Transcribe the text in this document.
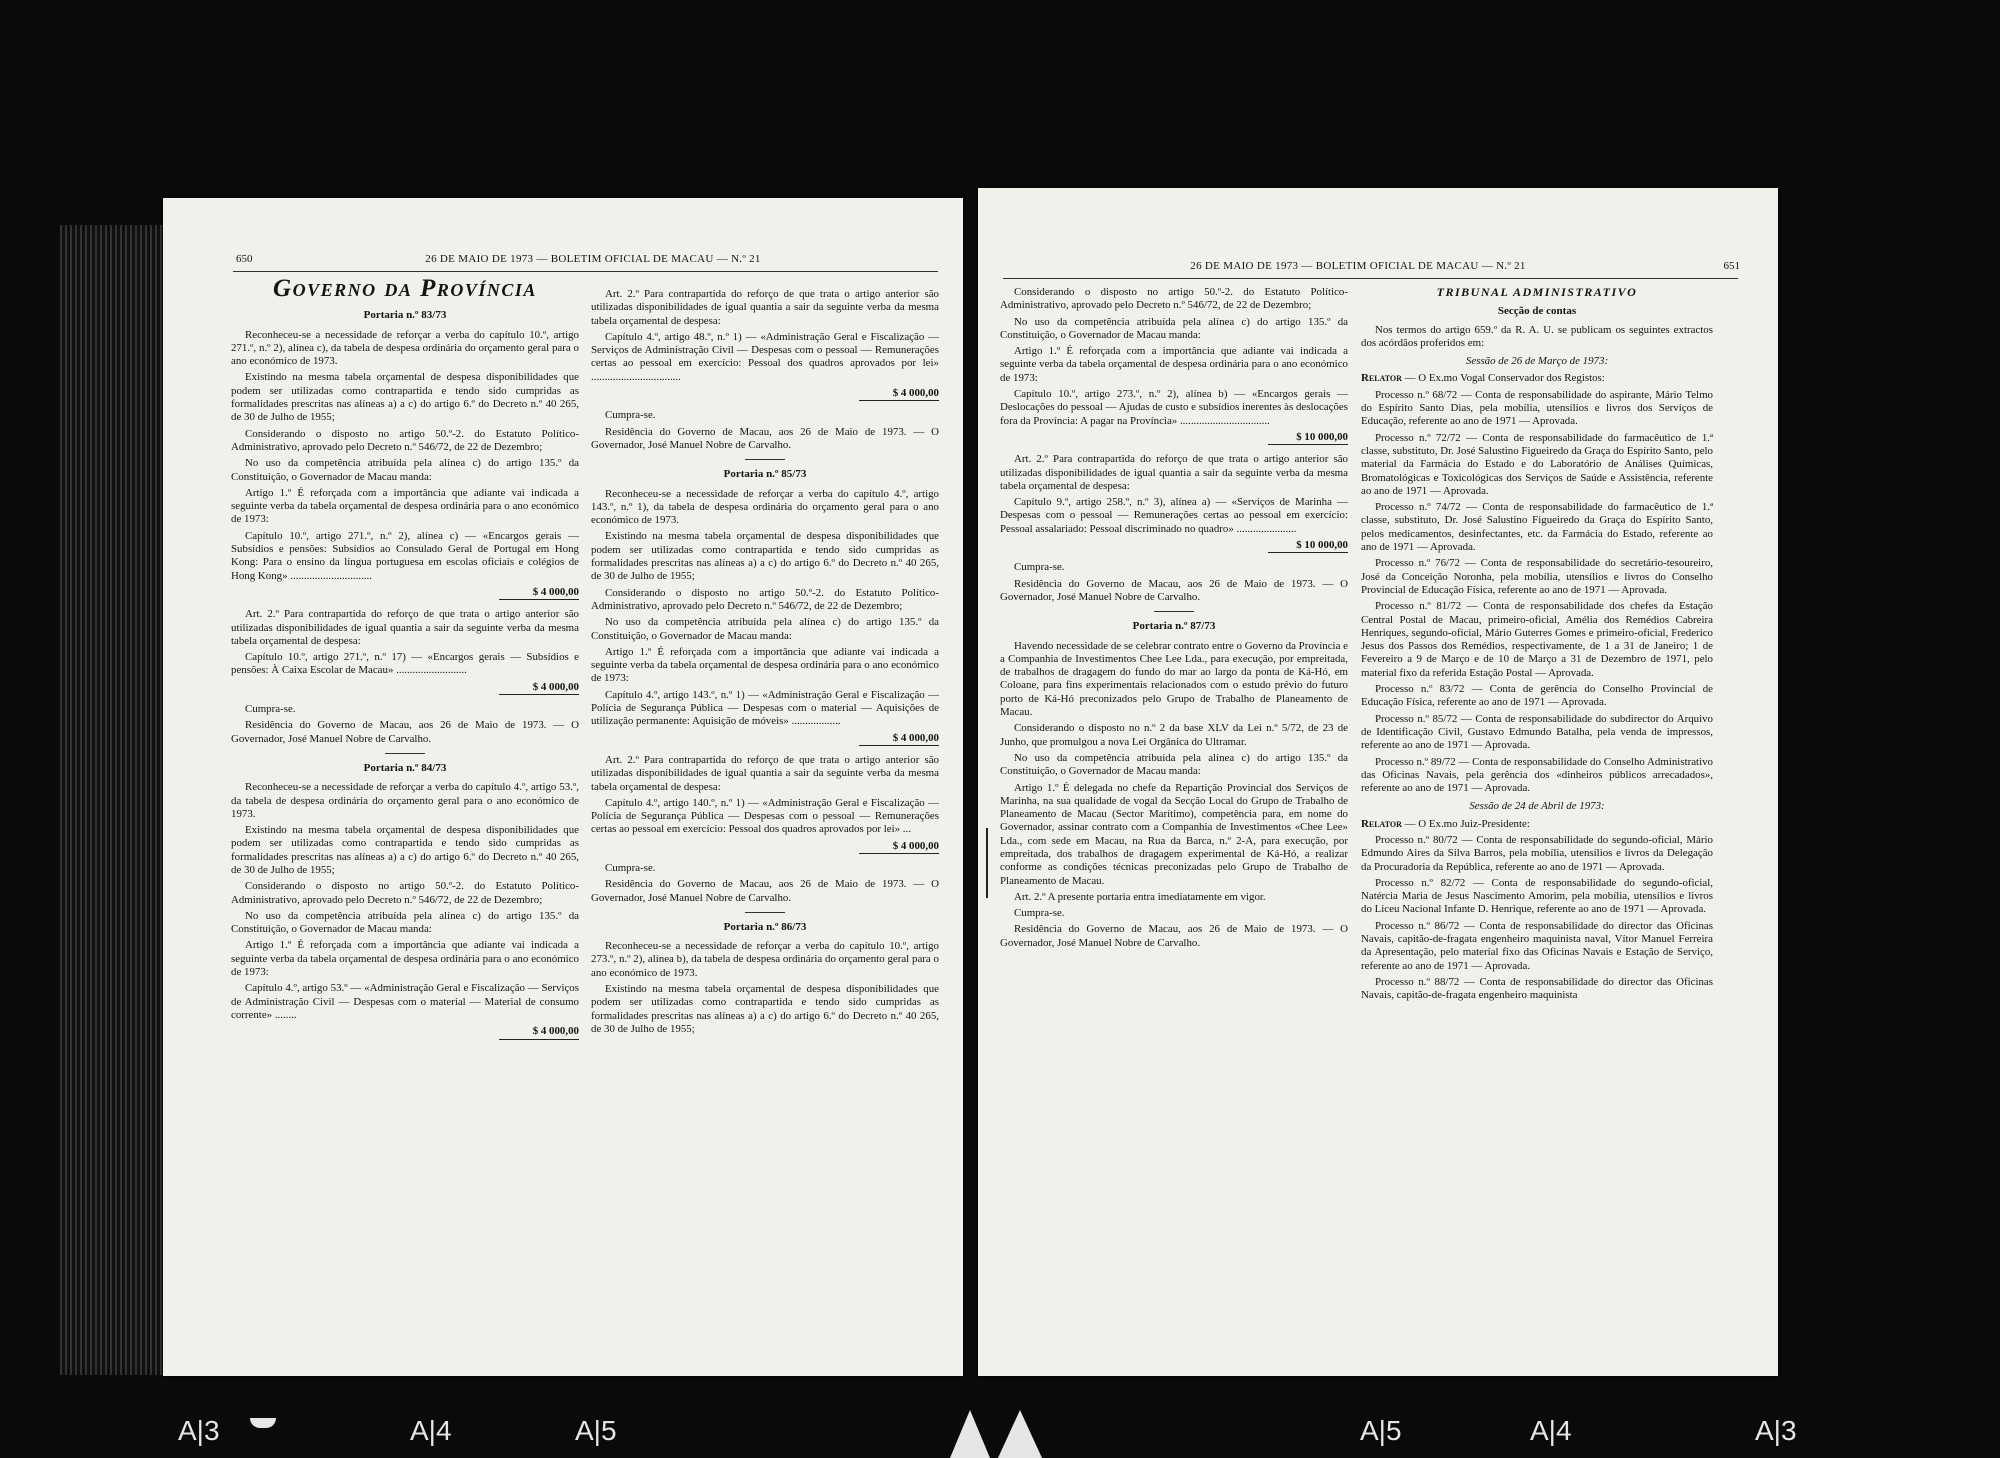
650	26 DE MAIO DE 1973 — BOLETIM OFICIAL DE MACAU — N.º 21
Governo da Província
Portaria n.º 83/73

Reconheceu-se a necessidade de reforçar a verba do capítulo 10.º, artigo 271.º, n.º 2), alínea c), da tabela de despesa ordinária do orçamento geral para o ano económico de 1973.

Existindo na mesma tabela orçamental de despesa disponibilidades que podem ser utilizadas como contrapartida e tendo sido cumpridas as formalidades prescritas nas alíneas a) a c) do artigo 6.º do Decreto n.º 40 265, de 30 de Julho de 1955;

Considerando o disposto no artigo 50.º-2. do Estatuto Político-Administrativo, aprovado pelo Decreto n.º 546/72, de 22 de Dezembro;

No uso da competência atribuída pela alínea c) do artigo 135.º da Constituição, o Governador de Macau manda:

Artigo 1.º É reforçada com a importância que adiante vai indicada a seguinte verba da tabela orçamental de despesa ordinária para o ano económico de 1973:

Capítulo 10.º, artigo 271.º, n.º 2), alínea c) — «Encargos gerais — Subsídios e pensões: Subsídios ao Consulado Geral de Portugal em Hong Kong: Para o ensino da língua portuguesa em escolas oficiais e colégios de Hong Kong» ..............................

$ 4 000,00

Art. 2.º Para contrapartida do reforço de que trata o artigo anterior são utilizadas disponibilidades de igual quantia a sair da seguinte verba da mesma tabela orçamental de despesa:

Capítulo 10.º, artigo 271.º, n.º 17) — «Encargos gerais — Subsídios e pensões: À Caixa Escolar de Macau» ..........................

$ 4 000,00

Cumpra-se.

Residência do Governo de Macau, aos 26 de Maio de 1973. — O Governador, José Manuel Nobre de Carvalho.

Portaria n.º 84/73

Reconheceu-se a necessidade de reforçar a verba do capítulo 4.º, artigo 53.º, da tabela de despesa ordinária do orçamento geral para o ano económico de 1973.

Existindo na mesma tabela orçamental de despesa disponibilidades que podem ser utilizadas como contrapartida e tendo sido cumpridas as formalidades prescritas nas alíneas a) a c) do artigo 6.º do Decreto n.º 40 265, de 30 de Julho de 1955;

Considerando o disposto no artigo 50.º-2. do Estatuto Político-Administrativo, aprovado pelo Decreto n.º 546/72, de 22 de Dezembro;

No uso da competência atribuída pela alínea c) do artigo 135.º da Constituição, o Governador de Macau manda:

Artigo 1.º É reforçada com a importância que adiante vai indicada a seguinte verba da tabela orçamental de despesa ordinária para o ano económico de 1973:

Capítulo 4.º, artigo 53.º — «Administração Geral e Fiscalização — Serviços de Administração Civil — Despesas com o material — Material de consumo corrente» ........

$ 4 000,00

Art. 2.º Para contrapartida do reforço de que trata o artigo anterior são utilizadas disponibilidades de igual quantia a sair da seguinte verba da mesma tabela orçamental de despesa:

Capítulo 4.º, artigo 48.º, n.º 1) — «Administração Geral e Fiscalização — Serviços de Administração Civil — Despesas com o pessoal — Remunerações certas ao pessoal em exercício: Pessoal dos quadros aprovados por lei» .................................

$ 4 000,00

Cumpra-se.

Residência do Governo de Macau, aos 26 de Maio de 1973. — O Governador, José Manuel Nobre de Carvalho.

Portaria n.º 85/73

Reconheceu-se a necessidade de reforçar a verba do capítulo 4.º, artigo 143.º, n.º 1), da tabela de despesa ordinária do orçamento geral para o ano económico de 1973.

Existindo na mesma tabela orçamental de despesa disponibilidades que podem ser utilizadas como contrapartida e tendo sido cumpridas as formalidades prescritas nas alíneas a) a c) do artigo 6.º do Decreto n.º 40 265, de 30 de Julho de 1955;

Considerando o disposto no artigo 50.º-2. do Estatuto Político-Administrativo, aprovado pelo Decreto n.º 546/72, de 22 de Dezembro;

No uso da competência atribuída pela alínea c) do artigo 135.º da Constituição, o Governador de Macau manda:

Artigo 1.º É reforçada com a importância que adiante vai indicada a seguinte verba da tabela orçamental de despesa ordinária para o ano económico de 1973:

Capítulo 4.º, artigo 143.º, n.º 1) — «Administração Geral e Fiscalização — Polícia de Segurança Pública — Despesas com o material — Aquisições de utilização permanente: Aquisição de móveis» ..................

$ 4 000,00

Art. 2.º Para contrapartida do reforço de que trata o artigo anterior são utilizadas disponibilidades de igual quantia a sair da seguinte verba da mesma tabela orçamental de despesa:

Capítulo 4.º, artigo 140.º, n.º 1) — «Administração Geral e Fiscalização — Polícia de Segurança Pública — Despesas com o pessoal — Remunerações certas ao pessoal em exercício: Pessoal dos quadros aprovados por lei» ...

$ 4 000,00

Cumpra-se.

Residência do Governo de Macau, aos 26 de Maio de 1973. — O Governador, José Manuel Nobre de Carvalho.

Portaria n.º 86/73

Reconheceu-se a necessidade de reforçar a verba do capítulo 10.º, artigo 273.º, n.º 2), alínea b), da tabela de despesa ordinária do orçamento geral para o ano económico de 1973.

Existindo na mesma tabela orçamental de despesa disponibilidades que podem ser utilizadas como contrapartida e tendo sido cumpridas as formalidades prescritas nas alíneas a) a c) do artigo 6.º do Decreto n.º 40 265, de 30 de Julho de 1955;

26 DE MAIO DE 1973 — BOLETIM OFICIAL DE MACAU — N.º 21	651

Considerando o disposto no artigo 50.º-2. do Estatuto Político-Administrativo, aprovado pelo Decreto n.º 546/72, de 22 de Dezembro;

No uso da competência atribuída pela alínea c) do artigo 135.º da Constituição, o Governador de Macau manda:

Artigo 1.º É reforçada com a importância que adiante vai indicada a seguinte verba da tabela orçamental de despesa ordinária para o ano económico de 1973:

Capítulo 10.º, artigo 273.º, n.º 2), alínea b) — «Encargos gerais — Deslocações do pessoal — Ajudas de custo e subsídios inerentes às deslocações fora da Província: A pagar na Província» .................................

$ 10 000,00

Art. 2.º Para contrapartida do reforço de que trata o artigo anterior são utilizadas disponibilidades de igual quantia a sair da seguinte verba da mesma tabela orçamental de despesa:

Capítulo 9.º, artigo 258.º, n.º 3), alínea a) — «Serviços de Marinha — Despesas com o pessoal — Remunerações certas ao pessoal em exercício: Pessoal assalariado: Pessoal discriminado no quadro» ......................

$ 10 000,00

Cumpra-se.

Residência do Governo de Macau, aos 26 de Maio de 1973. — O Governador, José Manuel Nobre de Carvalho.

Portaria n.º 87/73

Havendo necessidade de se celebrar contrato entre o Governo da Província e a Companhia de Investimentos Chee Lee Lda., para execução, por empreitada, de trabalhos de dragagem do fundo do mar ao largo da ponta de Ká-Hó, em Coloane, para fins experimentais relacionados com o estudo prévio do futuro porto de Ká-Hó preconizados pelo Grupo de Trabalho de Planeamento de Macau.

Considerando o disposto no n.º 2 da base XLV da Lei n.º 5/72, de 23 de Junho, que promulgou a nova Lei Orgânica do Ultramar.

No uso da competência atribuída pela alínea c) do artigo 135.º da Constituição, o Governador de Macau manda:

Artigo 1.º É delegada no chefe da Repartição Provincial dos Serviços de Marinha, na sua qualidade de vogal da Secção Local do Grupo de Trabalho de Planeamento de Macau (Sector Marítimo), competência para, em nome do Governador, assinar contrato com a Companhia de Investimentos «Chee Lee» Lda., com sede em Macau, na Rua da Barca, n.º 2-A, para execução, por empreitada, dos trabalhos de dragagem experimental de Ká-Hó, a realizar conforme as condições técnicas preconizadas pelo Grupo de Trabalho de Planeamento de Macau.

Art. 2.º A presente portaria entra imediatamente em vigor.

Cumpra-se.

Residência do Governo de Macau, aos 26 de Maio de 1973. — O Governador, José Manuel Nobre de Carvalho.

TRIBUNAL ADMINISTRATIVO
Secção de contas

Nos termos do artigo 659.º da R. A. U. se publicam os seguintes extractos dos acórdãos proferidos em:

Sessão de 26 de Março de 1973:

Relator — O Ex.mo Vogal Conservador dos Registos:

Processo n.º 68/72 — Conta de responsabilidade do aspirante, Mário Telmo do Espírito Santo Dias, pela mobília, utensílios e livros dos Serviços de Educação, referente ao ano de 1971 — Aprovada.

Processo n.º 72/72 — Conta de responsabilidade do farmacêutico de 1.ª classe, substituto, Dr. José Salustino Figueiredo da Graça do Espírito Santo, pelo material da Farmácia do Estado e do Laboratório de Análises Químicas, Bromatológicas e Toxicológicas dos Serviços de Saúde e Assistência, referente ao ano de 1971 — Aprovada.

Processo n.º 74/72 — Conta de responsabilidade do farmacêutico de 1.ª classe, substituto, Dr. José Salustino Figueiredo da Graça do Espírito Santo, pelos medicamentos, desinfectantes, etc. da Farmácia do Estado, referente ao ano de 1971 — Aprovada.

Processo n.º 76/72 — Conta de responsabilidade do secretário-tesoureiro, José da Conceição Noronha, pela mobília, utensílios e livros do Conselho Provincial de Educação Física, referente ao ano de 1971 — Aprovada.

Processo n.º 81/72 — Conta de responsabilidade dos chefes da Estação Central Postal de Macau, primeiro-oficial, Amélia dos Remédios Cabreira Henriques, segundo-oficial, Mário Guterres Gomes e primeiro-oficial, Frederico Jesus dos Passos dos Remédios, respectivamente, de 1 a 31 de Janeiro; 1 de Fevereiro a 9 de Março e de 10 de Março a 31 de Dezembro de 1971, pelo material fixo da referida Estação Postal — Aprovada.

Processo n.º 83/72 — Conta de gerência do Conselho Provincial de Educação Física, referente ao ano de 1971 — Aprovada.

Processo n.º 85/72 — Conta de responsabilidade do subdirector do Arquivo de Identificação Civil, Gustavo Edmundo Batalha, pela venda de impressos, referente ao ano de 1971 — Aprovada.

Processo n.º 89/72 — Conta de responsabilidade do Conselho Administrativo das Oficinas Navais, pela gerência dos «dinheiros públicos arrecadados», referente ao ano de 1971 — Aprovada.

Sessão de 24 de Abril de 1973:

Relator — O Ex.mo Juiz-Presidente:

Processo n.º 80/72 — Conta de responsabilidade do segundo-oficial, Mário Edmundo Aires da Silva Barros, pela mobília, utensílios e livros da Delegação da Procuradoria da República, referente ao ano de 1971 — Aprovada.

Processo n.º 82/72 — Conta de responsabilidade do segundo-oficial, Natércia Maria de Jesus Nascimento Amorim, pela mobília, utensílios e livros do Liceu Nacional Infante D. Henrique, referente ao ano de 1971 — Aprovada.

Processo n.º 86/72 — Conta de responsabilidade do director das Oficinas Navais, capitão-de-fragata engenheiro maquinista naval, Vítor Manuel Ferreira da Apresentação, pelo material fixo das Oficinas Navais e Estação de Serviço, referente ao ano de 1971 — Aprovada.

Processo n.º 88/72 — Conta de responsabilidade do director das Oficinas Navais, capitão-de-fragata engenheiro maquinista

A|3	A|4	A|5	A|5	A|4	A|3
